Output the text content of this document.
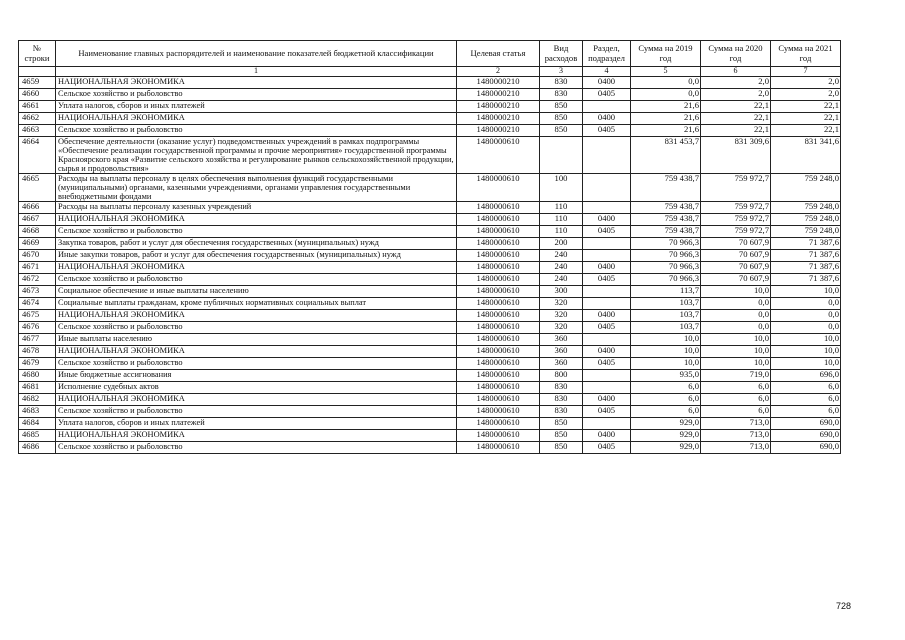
№ строки	Наименование главных распорядителей и наименование показателей бюджетной классификации	Целевая статья	Вид расходов	Раздел, подраздел	Сумма на 2019 год	Сумма на 2020 год	Сумма на 2021 год
	1	2	3	4	5	6	7
4659	НАЦИОНАЛЬНАЯ ЭКОНОМИКА	1480000210	830	0400	0,0	2,0	2,0
4660	Сельское хозяйство и рыболовство	1480000210	830	0405	0,0	2,0	2,0
4661	Уплата налогов, сборов и иных платежей	1480000210	850		21,6	22,1	22,1
4662	НАЦИОНАЛЬНАЯ ЭКОНОМИКА	1480000210	850	0400	21,6	22,1	22,1
4663	Сельское хозяйство и рыболовство	1480000210	850	0405	21,6	22,1	22,1
4664	Обеспечение деятельности (оказание услуг) подведомственных учреждений в рамках подпрограммы «Обеспечение реализации государственной программы и прочие мероприятия» государственной программы Красноярского края «Развитие сельского хозяйства и регулирование рынков сельскохозяйственной продукции, сырья и продовольствия»	1480000610			831 453,7	831 309,6	831 341,6
4665	Расходы на выплаты персоналу в целях обеспечения выполнения функций государственными (муниципальными) органами, казенными учреждениями, органами управления государственными внебюджетными фондами	1480000610	100		759 438,7	759 972,7	759 248,0
4666	Расходы на выплаты персоналу казенных учреждений	1480000610	110		759 438,7	759 972,7	759 248,0
4667	НАЦИОНАЛЬНАЯ ЭКОНОМИКА	1480000610	110	0400	759 438,7	759 972,7	759 248,0
4668	Сельское хозяйство и рыболовство	1480000610	110	0405	759 438,7	759 972,7	759 248,0
4669	Закупка товаров, работ и услуг для обеспечения государственных (муниципальных) нужд	1480000610	200		70 966,3	70 607,9	71 387,6
4670	Иные закупки товаров, работ и услуг для обеспечения государственных (муниципальных) нужд	1480000610	240		70 966,3	70 607,9	71 387,6
4671	НАЦИОНАЛЬНАЯ ЭКОНОМИКА	1480000610	240	0400	70 966,3	70 607,9	71 387,6
4672	Сельское хозяйство и рыболовство	1480000610	240	0405	70 966,3	70 607,9	71 387,6
4673	Социальное обеспечение и иные выплаты населению	1480000610	300		113,7	10,0	10,0
4674	Социальные выплаты гражданам, кроме публичных нормативных социальных выплат	1480000610	320		103,7	0,0	0,0
4675	НАЦИОНАЛЬНАЯ ЭКОНОМИКА	1480000610	320	0400	103,7	0,0	0,0
4676	Сельское хозяйство и рыболовство	1480000610	320	0405	103,7	0,0	0,0
4677	Иные выплаты населению	1480000610	360		10,0	10,0	10,0
4678	НАЦИОНАЛЬНАЯ ЭКОНОМИКА	1480000610	360	0400	10,0	10,0	10,0
4679	Сельское хозяйство и рыболовство	1480000610	360	0405	10,0	10,0	10,0
4680	Иные бюджетные ассигнования	1480000610	800		935,0	719,0	696,0
4681	Исполнение судебных актов	1480000610	830		6,0	6,0	6,0
4682	НАЦИОНАЛЬНАЯ ЭКОНОМИКА	1480000610	830	0400	6,0	6,0	6,0
4683	Сельское хозяйство и рыболовство	1480000610	830	0405	6,0	6,0	6,0
4684	Уплата налогов, сборов и иных платежей	1480000610	850		929,0	713,0	690,0
4685	НАЦИОНАЛЬНАЯ ЭКОНОМИКА	1480000610	850	0400	929,0	713,0	690,0
4686	Сельское хозяйство и рыболовство	1480000610	850	0405	929,0	713,0	690,0
728
